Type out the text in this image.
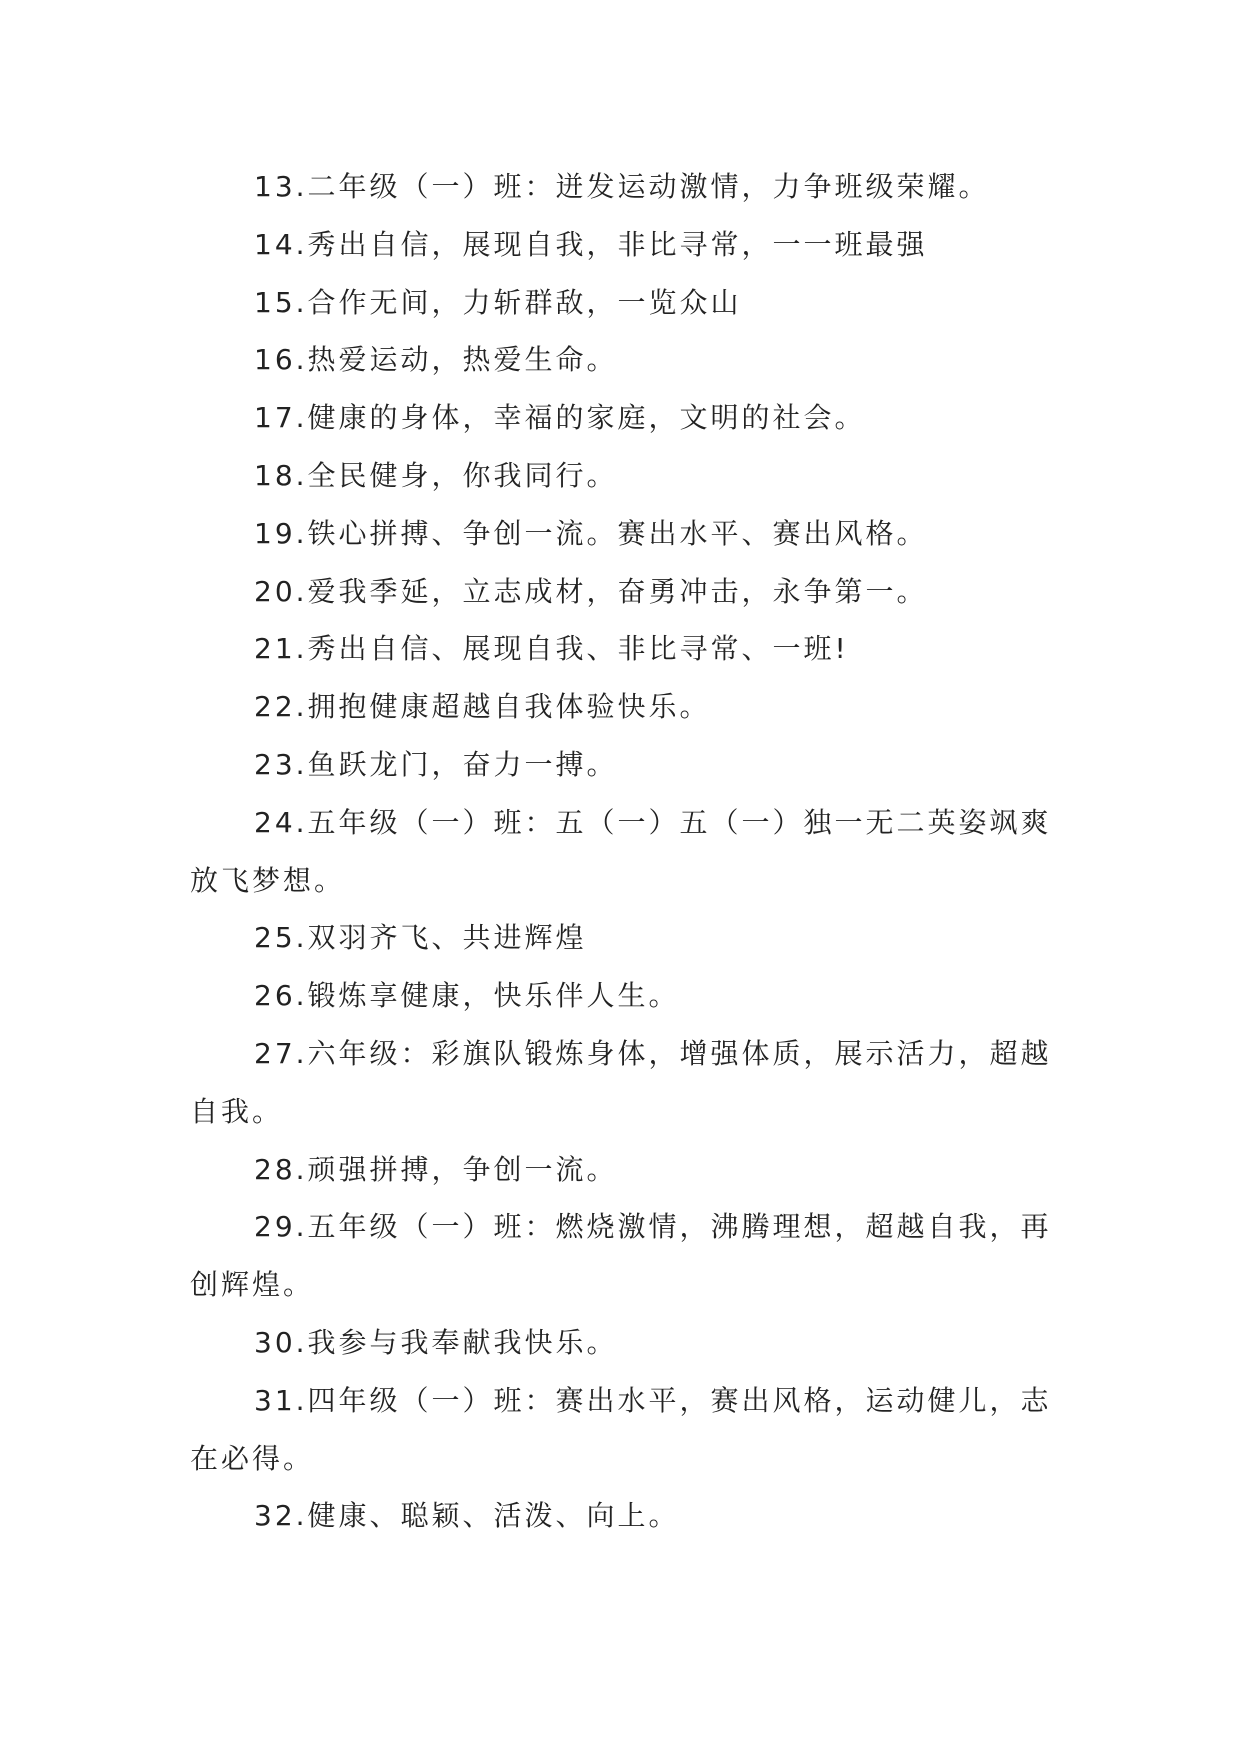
13.二年级（一）班：迸发运动激情，力争班级荣耀。

14.秀出自信，展现自我，非比寻常，一一班最强

15.合作无间，力斩群敌，一览众山

16.热爱运动，热爱生命。

17.健康的身体，幸福的家庭，文明的社会。

18.全民健身，你我同行。

19.铁心拼搏、争创一流。赛出水平、赛出风格。

20.爱我季延，立志成材，奋勇冲击，永争第一。

21.秀出自信、展现自我、非比寻常、一班!

22.拥抱健康超越自我体验快乐。

23.鱼跃龙门，奋力一搏。

24.五年级（一）班：五（一）五（一）独一无二英姿飒爽放飞梦想。

25.双羽齐飞、共进辉煌

26.锻炼享健康，快乐伴人生。

27.六年级：彩旗队锻炼身体，增强体质，展示活力，超越自我。

28.顽强拼搏，争创一流。

29.五年级（一）班：燃烧激情，沸腾理想，超越自我，再创辉煌。

30.我参与我奉献我快乐。

31.四年级（一）班：赛出水平，赛出风格，运动健儿，志在必得。

32.健康、聪颖、活泼、向上。
